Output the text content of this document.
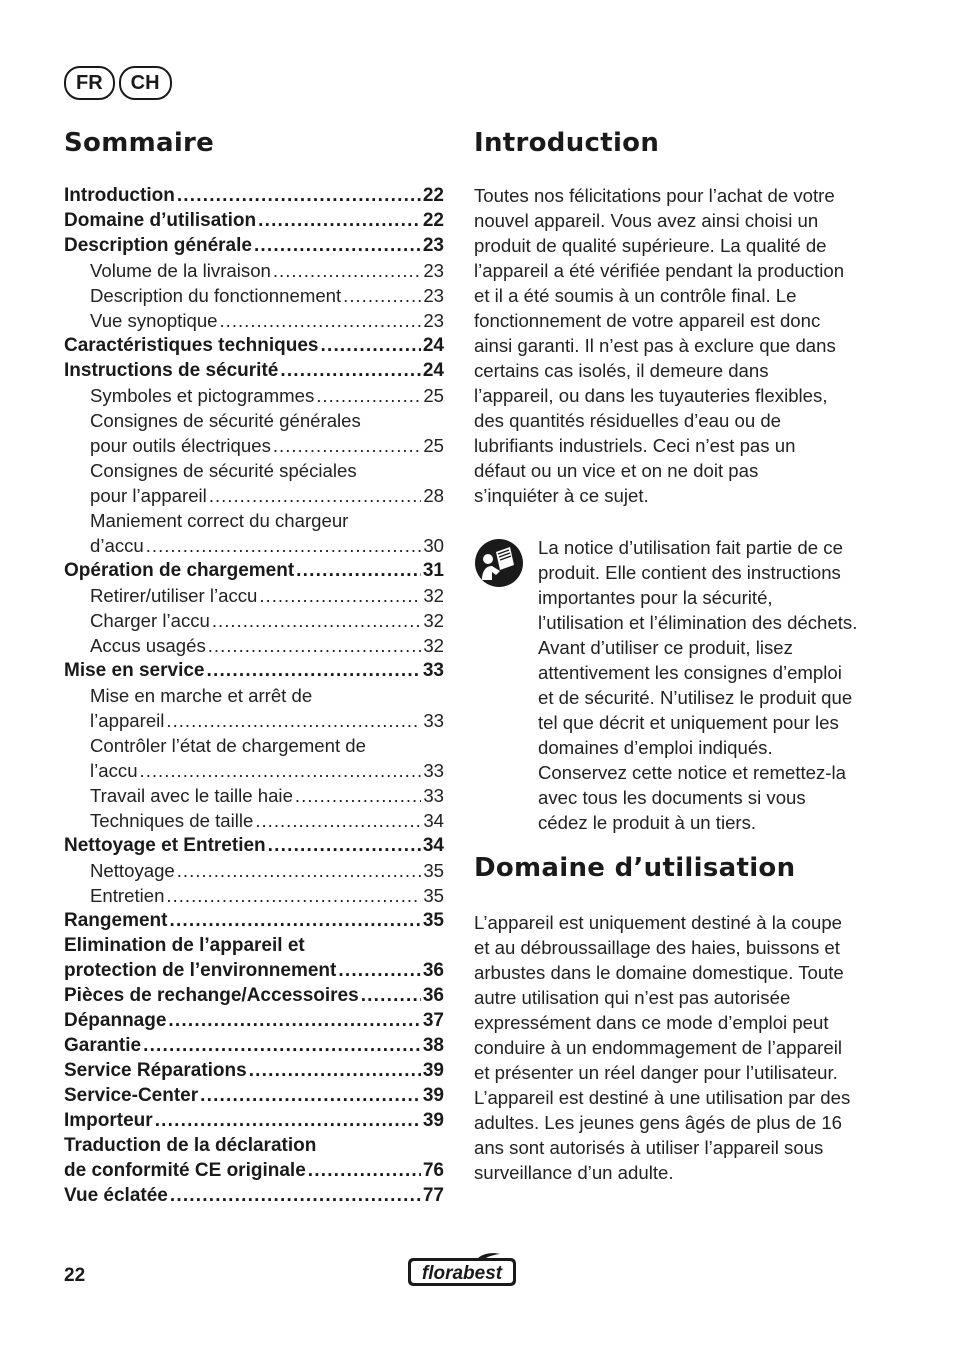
FR	CH
Sommaire
Introduction .....	22
Domaine d’utilisation .....	22
Description générale .....	23
Volume de la livraison .....	23
Description du fonctionnement .....	23
Vue synoptique .....	23
Caractéristiques techniques .....	24
Instructions de sécurité .....	24
Symboles et pictogrammes .....	25
Consignes de sécurité générales
pour outils électriques .....	25
Consignes de sécurité spéciales
pour l’appareil .....	28
Maniement correct du chargeur
d’accu .....	30
Opération de chargement .....	31
Retirer/utiliser l’accu .....	32
Charger l’accu .....	32
Accus usagés .....	32
Mise en service .....	33
Mise en marche et arrêt de
l’appareil .....	33
Contrôler l’état de chargement de
l’accu .....	33
Travail avec le taille haie .....	33
Techniques de taille .....	34
Nettoyage et Entretien .....	34
Nettoyage .....	35
Entretien .....	35
Rangement .....	35
Elimination de l’appareil et
protection de l’environnement .....	36
Pièces de rechange/Accessoires .....	36
Dépannage .....	37
Garantie .....	38
Service Réparations .....	39
Service-Center .....	39
Importeur .....	39
Traduction de la déclaration
de conformité CE originale .....	76
Vue éclatée .....	77
Introduction

Toutes nos félicitations pour l’achat de votre nouvel appareil. Vous avez ainsi choisi un produit de qualité supérieure. La qualité de l’appareil a été vérifiée pendant la production et il a été soumis à un contrôle final. Le fonctionnement de votre appareil est donc ainsi garanti. Il n’est pas à exclure que dans certains cas isolés, il demeure dans l’appareil, ou dans les tuyauteries flexibles, des quantités résiduelles d’eau ou de lubrifiants industriels. Ceci n’est pas un défaut ou un vice et on ne doit pas s’inquiéter à ce sujet.

La notice d’utilisation fait partie de ce produit. Elle contient des instructions importantes pour la sécurité, l’utilisation et l’élimination des déchets. Avant d’utiliser ce produit, lisez attentivement les consignes d’emploi et de sécurité. N’utilisez le produit que tel que décrit et uniquement pour les domaines d’emploi indiqués. Conservez cette notice et remettez-la avec tous les documents si vous cédez le produit à un tiers.

Domaine d’utilisation

L’appareil est uniquement destiné à la coupe et au débroussaillage des haies, buissons et arbustes dans le domaine domestique. Toute autre utilisation qui n’est pas autorisée expressément dans ce mode d’emploi peut conduire à un endommagement de l’appareil et présenter un réel danger pour l’utilisateur. L’appareil est destiné à une utilisation par des adultes. Les jeunes gens âgés de plus de 16 ans sont autorisés à utiliser l’appareil sous surveillance d’un adulte.

22	florabest
